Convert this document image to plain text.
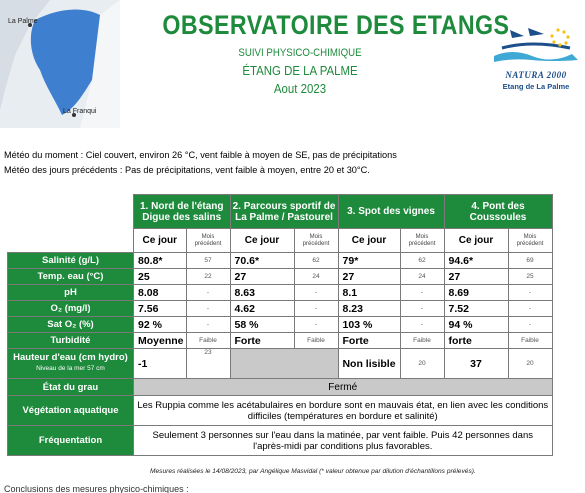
La Palme
La Franqui
OBSERVATOIRE DES ETANGS
SUIVI PHYSICO-CHIMIQUE
ÉTANG DE LA PALME
Aout 2023
NATURA 2000
Etang de La Palme
Météo du moment : Ciel couvert, environ 26 °C, vent faible à moyen de SE, pas de précipitations
Météo des jours précédents : Pas de précipitations, vent faible à moyen, entre 20 et 30°C.
	1. Nord de l'étang Digue des salins		2. Parcours sportif de La Palme / Pastourel		3. Spot des vignes		4. Pont des Coussoules	
	Ce jour	Mois précédent	Ce jour	Mois précédent	Ce jour	Mois précédent	Ce jour	Mois précédent
Salinité (g/L)	80.8*	57	70.6*	62	79*	62	94.6*	69
Temp. eau (°C)	25	22	27	24	27	24	27	25
pH	8.08	-	8.63	-	8.1	-	8.69	-
O₂ (mg/l)	7.56	-	4.62	-	8.23	-	7.52	-
Sat O₂ (%)	92 %	-	58 %	-	103 %	-	94 %	-
Turbidité	Moyenne	Faible	Forte	Faible	Forte	Faible	forte	Faible
Hauteur d'eau (cm hydro)
Niveau de la mer 57 cm	-1	23			Non lisible	20	37	20
État du grau	Fermé							
Végétation aquatique	Les Ruppia comme les acétabulaires en bordure sont en mauvais état, en lien avec les conditions difficiles (températures en bordure et salinité)							
Fréquentation	Seulement 3 personnes sur l'eau dans la matinée, par vent faible. Puis 42 personnes dans l'après-midi par conditions plus favorables.							
Mesures réalisées le 14/08/2023, par Angélique Masvidal (* valeur obtenue par dilution d'échantillons prélevés).
Conclusions des mesures physico-chimiques :
